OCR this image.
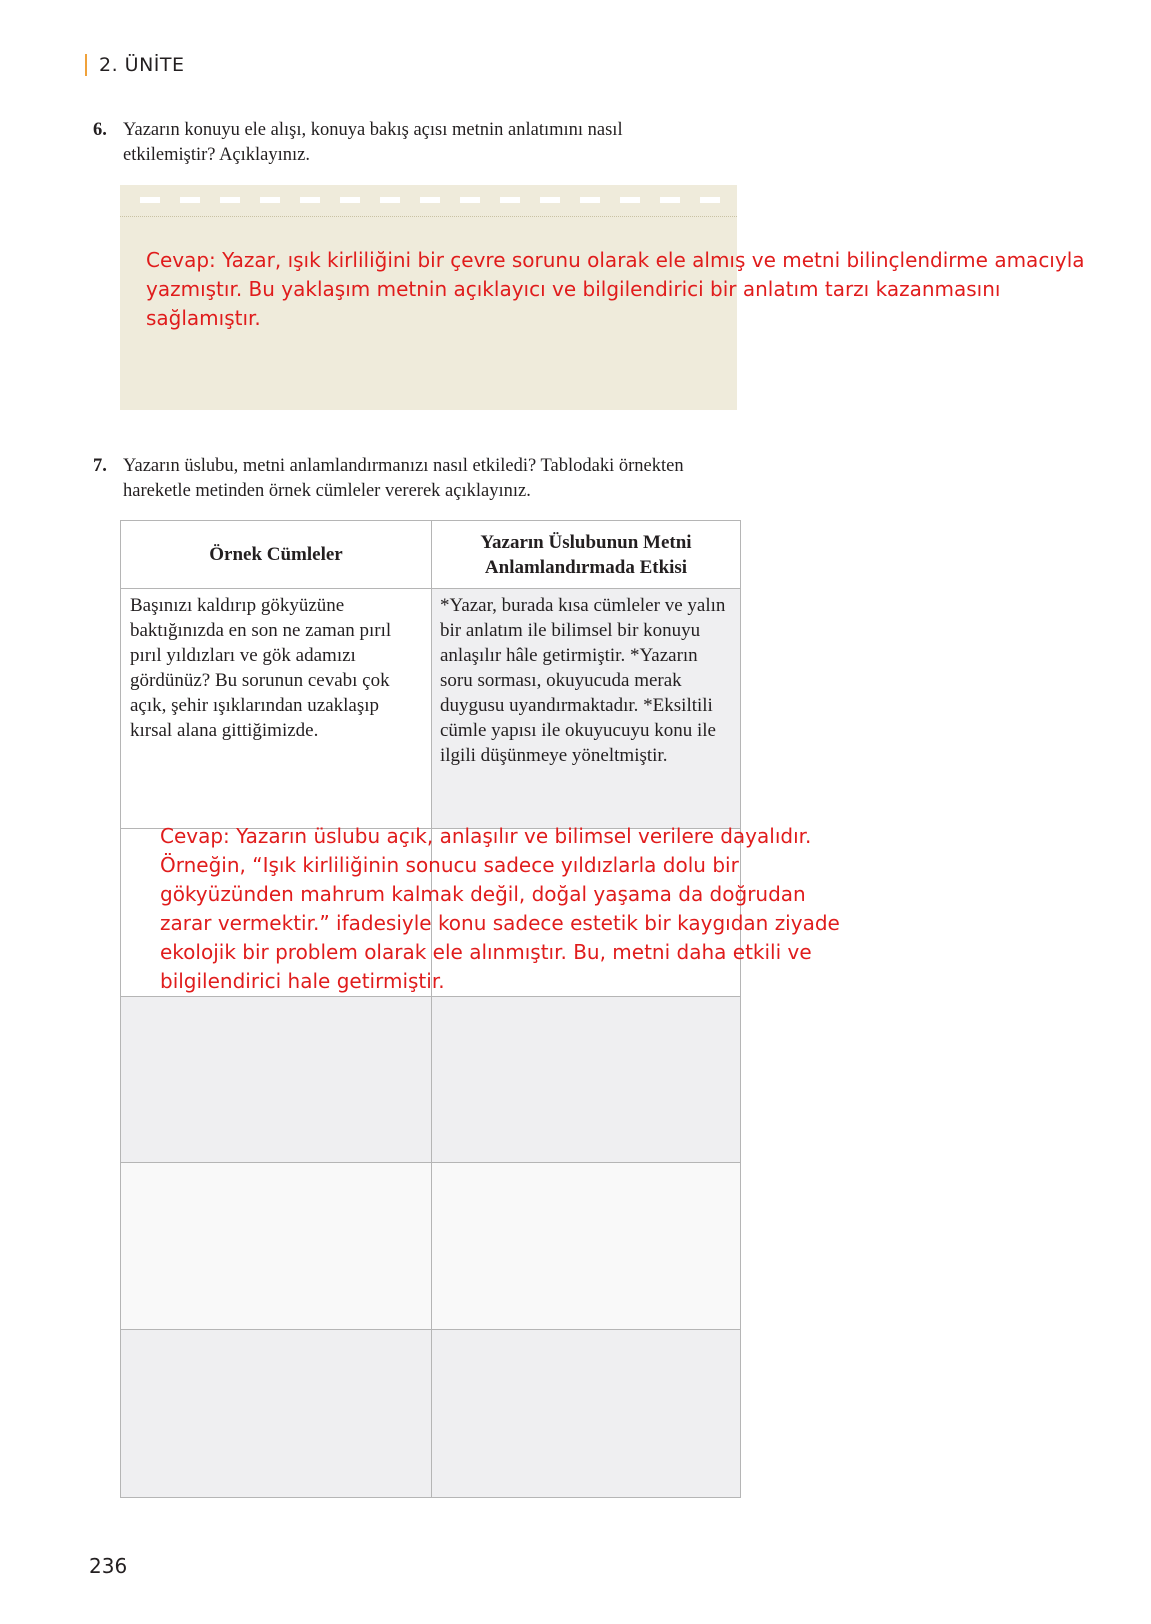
2. ÜNİTE
6. Yazarın konuyu ele alışı, konuya bakış açısı metnin anlatımını nasıl etkilemiştir? Açıklayınız.
Cevap: Yazar, ışık kirliliğini bir çevre sorunu olarak ele almış ve metni bilinçlendirme amacıyla
yazmıştır. Bu yaklaşım metnin açıklayıcı ve bilgilendirici bir anlatım tarzı kazanmasını
sağlamıştır.
7. Yazarın üslubu, metni anlamlandırmanızı nasıl etkiledi? Tablodaki örnekten hareketle metinden örnek cümleler vererek açıklayınız.
Örnek Cümleler
Yazarın Üslubunun Metni Anlamlandırmada Etkisi
Başınızı kaldırıp gökyüzüne baktığınızda en son ne zaman pırıl pırıl yıldızları ve gök adamızı gördünüz? Bu sorunun cevabı çok açık, şehir ışıklarından uzaklaşıp kırsal alana gittiğimizde.
*Yazar, burada kısa cümleler ve yalın bir anlatım ile bilimsel bir konuyu anlaşılır hâle getirmiştir. *Yazarın soru sorması, okuyucuda merak duygusu uyandırmaktadır. *Eksiltili cümle yapısı ile okuyucuyu konu ile ilgili düşünmeye yöneltmiştir.
Cevap: Yazarın üslubu açık, anlaşılır ve bilimsel verilere dayalıdır.
Örneğin, “Işık kirliliğinin sonucu sadece yıldızlarla dolu bir
gökyüzünden mahrum kalmak değil, doğal yaşama da doğrudan
zarar vermektir.” ifadesiyle konu sadece estetik bir kaygıdan ziyade
ekolojik bir problem olarak ele alınmıştır. Bu, metni daha etkili ve
bilgilendirici hale getirmiştir.
236
